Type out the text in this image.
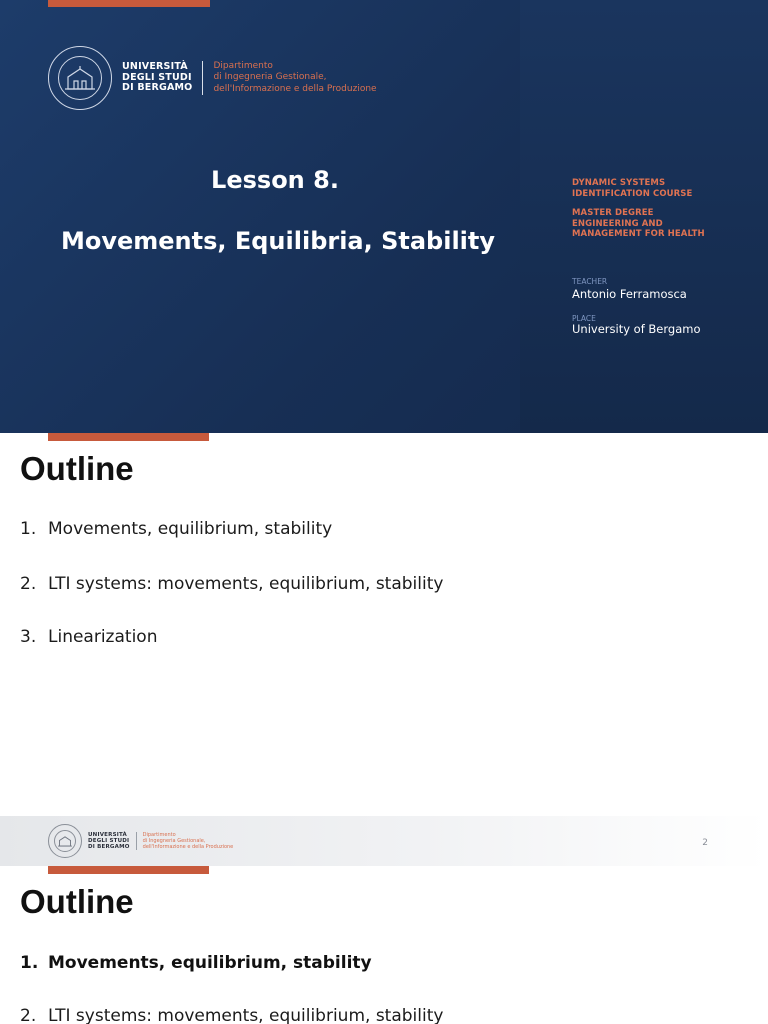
UNIVERSITÀ
DEGLI STUDI
DI BERGAMO
Dipartimento
di Ingegneria Gestionale,
dell'Informazione e della Produzione
Lesson 8.
Movements, Equilibria, Stability
DYNAMIC SYSTEMS
IDENTIFICATION COURSE
MASTER DEGREE
ENGINEERING AND
MANAGEMENT FOR HEALTH
TEACHER
Antonio Ferramosca
PLACE
University of Bergamo
Outline
1. Movements, equilibrium, stability
2. LTI systems: movements, equilibrium, stability
3. Linearization
UNIVERSITÀ
DEGLI STUDI
DI BERGAMO
Dipartimento
di Ingegneria Gestionale,
dell'Informazione e della Produzione	2
Outline
1. Movements, equilibrium, stability
2. LTI systems: movements, equilibrium, stability
